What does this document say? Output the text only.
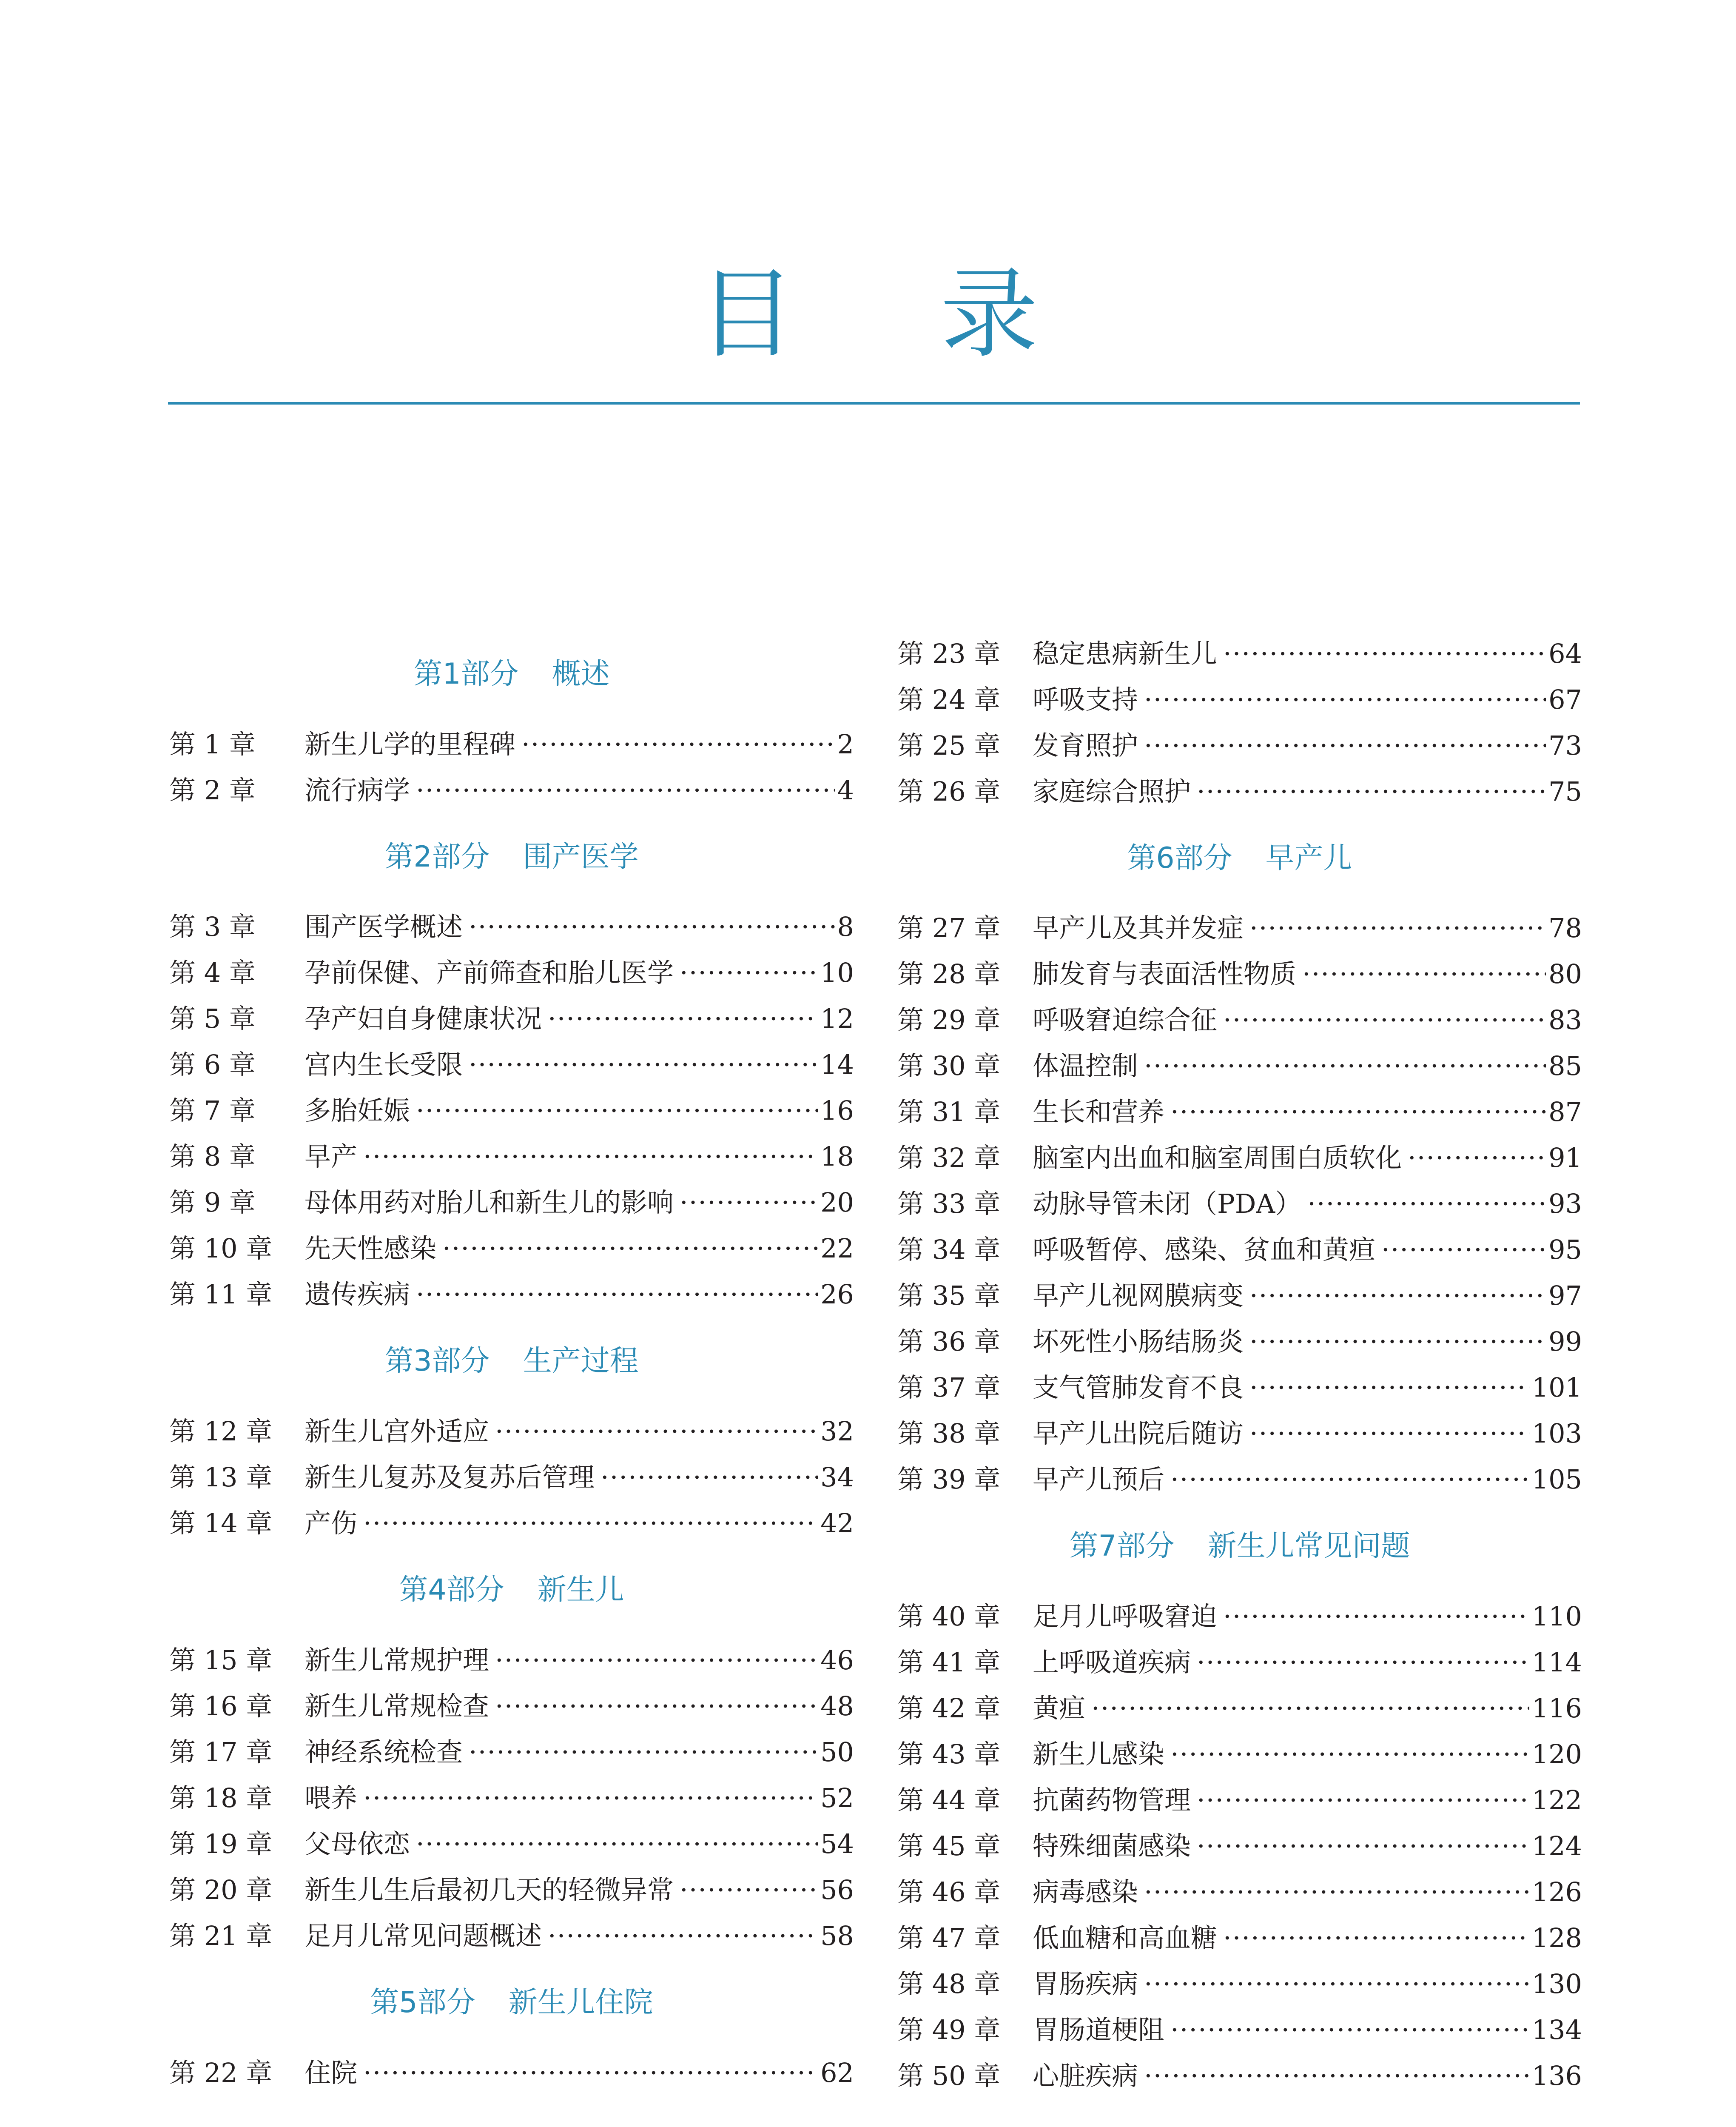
目 录
第1部分 概述
第 1 章	新生儿学的里程碑 ·····	2
第 2 章	流行病学 ·····	4
第2部分 围产医学
第 3 章	围产医学概述 ·····	8
第 4 章	孕前保健、产前筛查和胎儿医学 ·····	10
第 5 章	孕产妇自身健康状况 ·····	12
第 6 章	宫内生长受限 ·····	14
第 7 章	多胎妊娠 ·····	16
第 8 章	早产 ·····	18
第 9 章	母体用药对胎儿和新生儿的影响 ·····	20
第 10 章	先天性感染 ·····	22
第 11 章	遗传疾病 ·····	26
第3部分 生产过程
第 12 章	新生儿宫外适应 ·····	32
第 13 章	新生儿复苏及复苏后管理 ·····	34
第 14 章	产伤 ·····	42
第4部分 新生儿
第 15 章	新生儿常规护理 ·····	46
第 16 章	新生儿常规检查 ·····	48
第 17 章	神经系统检查 ·····	50
第 18 章	喂养 ·····	52
第 19 章	父母依恋 ·····	54
第 20 章	新生儿生后最初几天的轻微异常 ·····	56
第 21 章	足月儿常见问题概述 ·····	58
第5部分 新生儿住院
第 22 章	住院 ·····	62
第 23 章	稳定患病新生儿 ·····	64
第 24 章	呼吸支持 ·····	67
第 25 章	发育照护 ·····	73
第 26 章	家庭综合照护 ·····	75
第6部分 早产儿
第 27 章	早产儿及其并发症 ·····	78
第 28 章	肺发育与表面活性物质 ·····	80
第 29 章	呼吸窘迫综合征 ·····	83
第 30 章	体温控制 ·····	85
第 31 章	生长和营养 ·····	87
第 32 章	脑室内出血和脑室周围白质软化 ·····	91
第 33 章	动脉导管未闭（PDA） ·····	93
第 34 章	呼吸暂停、感染、贫血和黄疸 ·····	95
第 35 章	早产儿视网膜病变 ·····	97
第 36 章	坏死性小肠结肠炎 ·····	99
第 37 章	支气管肺发育不良 ·····	101
第 38 章	早产儿出院后随访 ·····	103
第 39 章	早产儿预后 ·····	105
第7部分 新生儿常见问题
第 40 章	足月儿呼吸窘迫 ·····	110
第 41 章	上呼吸道疾病 ·····	114
第 42 章	黄疸 ·····	116
第 43 章	新生儿感染 ·····	120
第 44 章	抗菌药物管理 ·····	122
第 45 章	特殊细菌感染 ·····	124
第 46 章	病毒感染 ·····	126
第 47 章	低血糖和高血糖 ·····	128
第 48 章	胃肠疾病 ·····	130
第 49 章	胃肠道梗阻 ·····	134
第 50 章	心脏疾病 ·····	136
